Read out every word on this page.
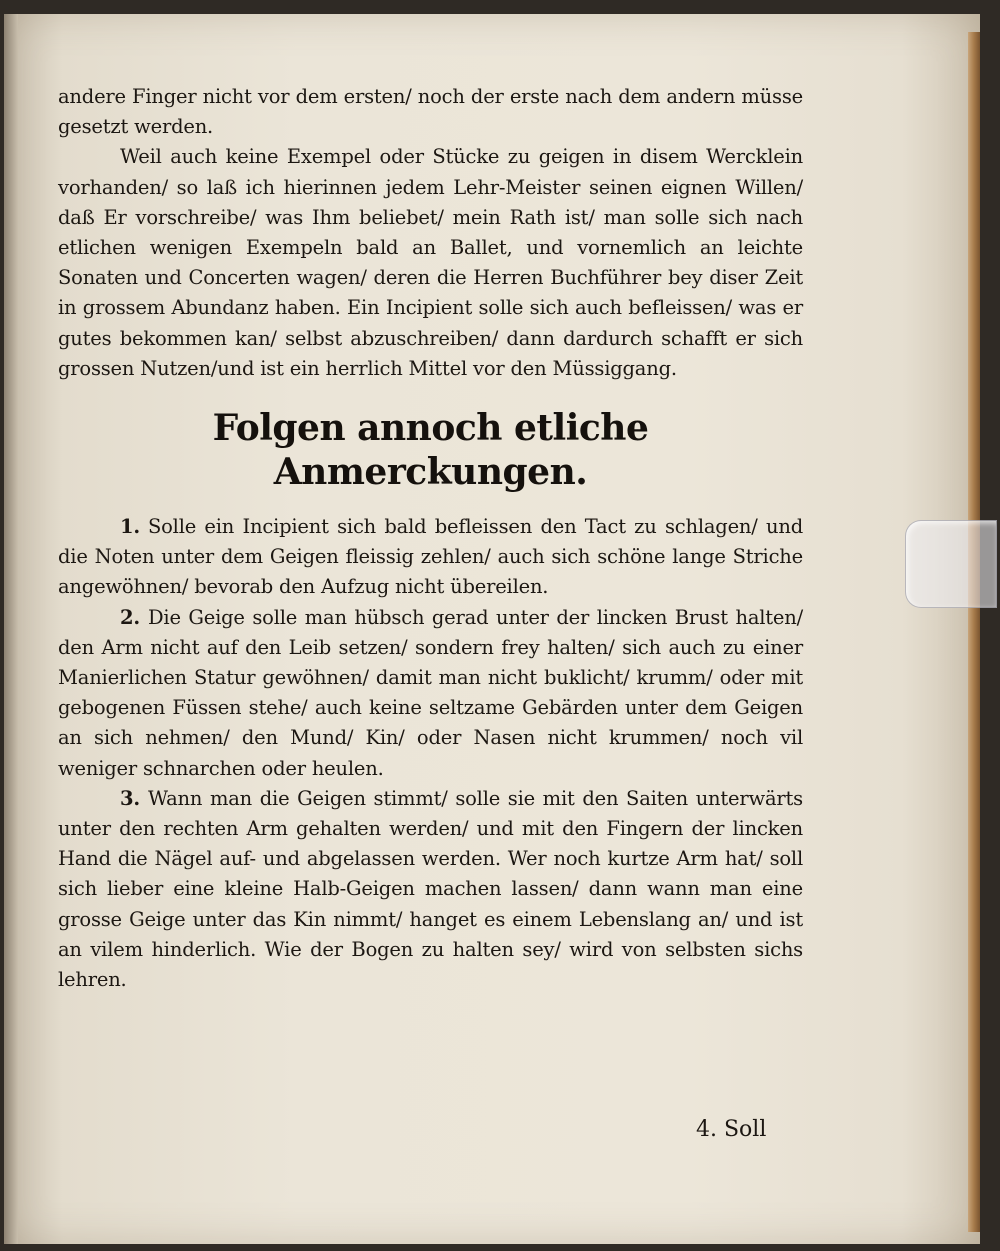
andere Finger nicht vor dem ersten/ noch der erste nach dem andern müsse gesetzt werden.

Weil auch keine Exempel oder Stücke zu geigen in disem Wercklein vorhanden/ so laß ich hierinnen jedem Lehr-Meister seinen eignen Willen/ daß Er vorschreibe/ was Ihm beliebet/ mein Rath ist/ man solle sich nach etlichen wenigen Exempeln bald an Ballet, und vornemlich an leichte Sonaten und Concerten wagen/ deren die Herren Buchführer bey diser Zeit in grossem Abundanz haben. Ein Incipient solle sich auch befleissen/ was er gutes bekommen kan/ selbst abzuschreiben/ dann dardurch schafft er sich grossen Nutzen/und ist ein herrlich Mittel vor den Müssiggang.

Folgen annoch etliche Anmerckungen.

1. Solle ein Incipient sich bald befleissen den Tact zu schlagen/ und die Noten unter dem Geigen fleissig zehlen/ auch sich schöne lange Striche angewöhnen/ bevorab den Aufzug nicht übereilen.

2. Die Geige solle man hübsch gerad unter der lincken Brust halten/ den Arm nicht auf den Leib setzen/ sondern frey halten/ sich auch zu einer Manierlichen Statur gewöhnen/ damit man nicht buklicht/ krumm/ oder mit gebogenen Füssen stehe/ auch keine seltzame Gebärden unter dem Geigen an sich nehmen/ den Mund/ Kin/ oder Nasen nicht krummen/ noch vil weniger schnarchen oder heulen.

3. Wann man die Geigen stimmt/ solle sie mit den Saiten unterwärts unter den rechten Arm gehalten werden/ und mit den Fingern der lincken Hand die Nägel auf- und abgelassen werden. Wer noch kurtze Arm hat/ soll sich lieber eine kleine Halb-Geigen machen lassen/ dann wann man eine grosse Geige unter das Kin nimmt/ hanget es einem Lebenslang an/ und ist an vilem hinderlich. Wie der Bogen zu halten sey/ wird von selbsten sichs lehren.

4. Soll
